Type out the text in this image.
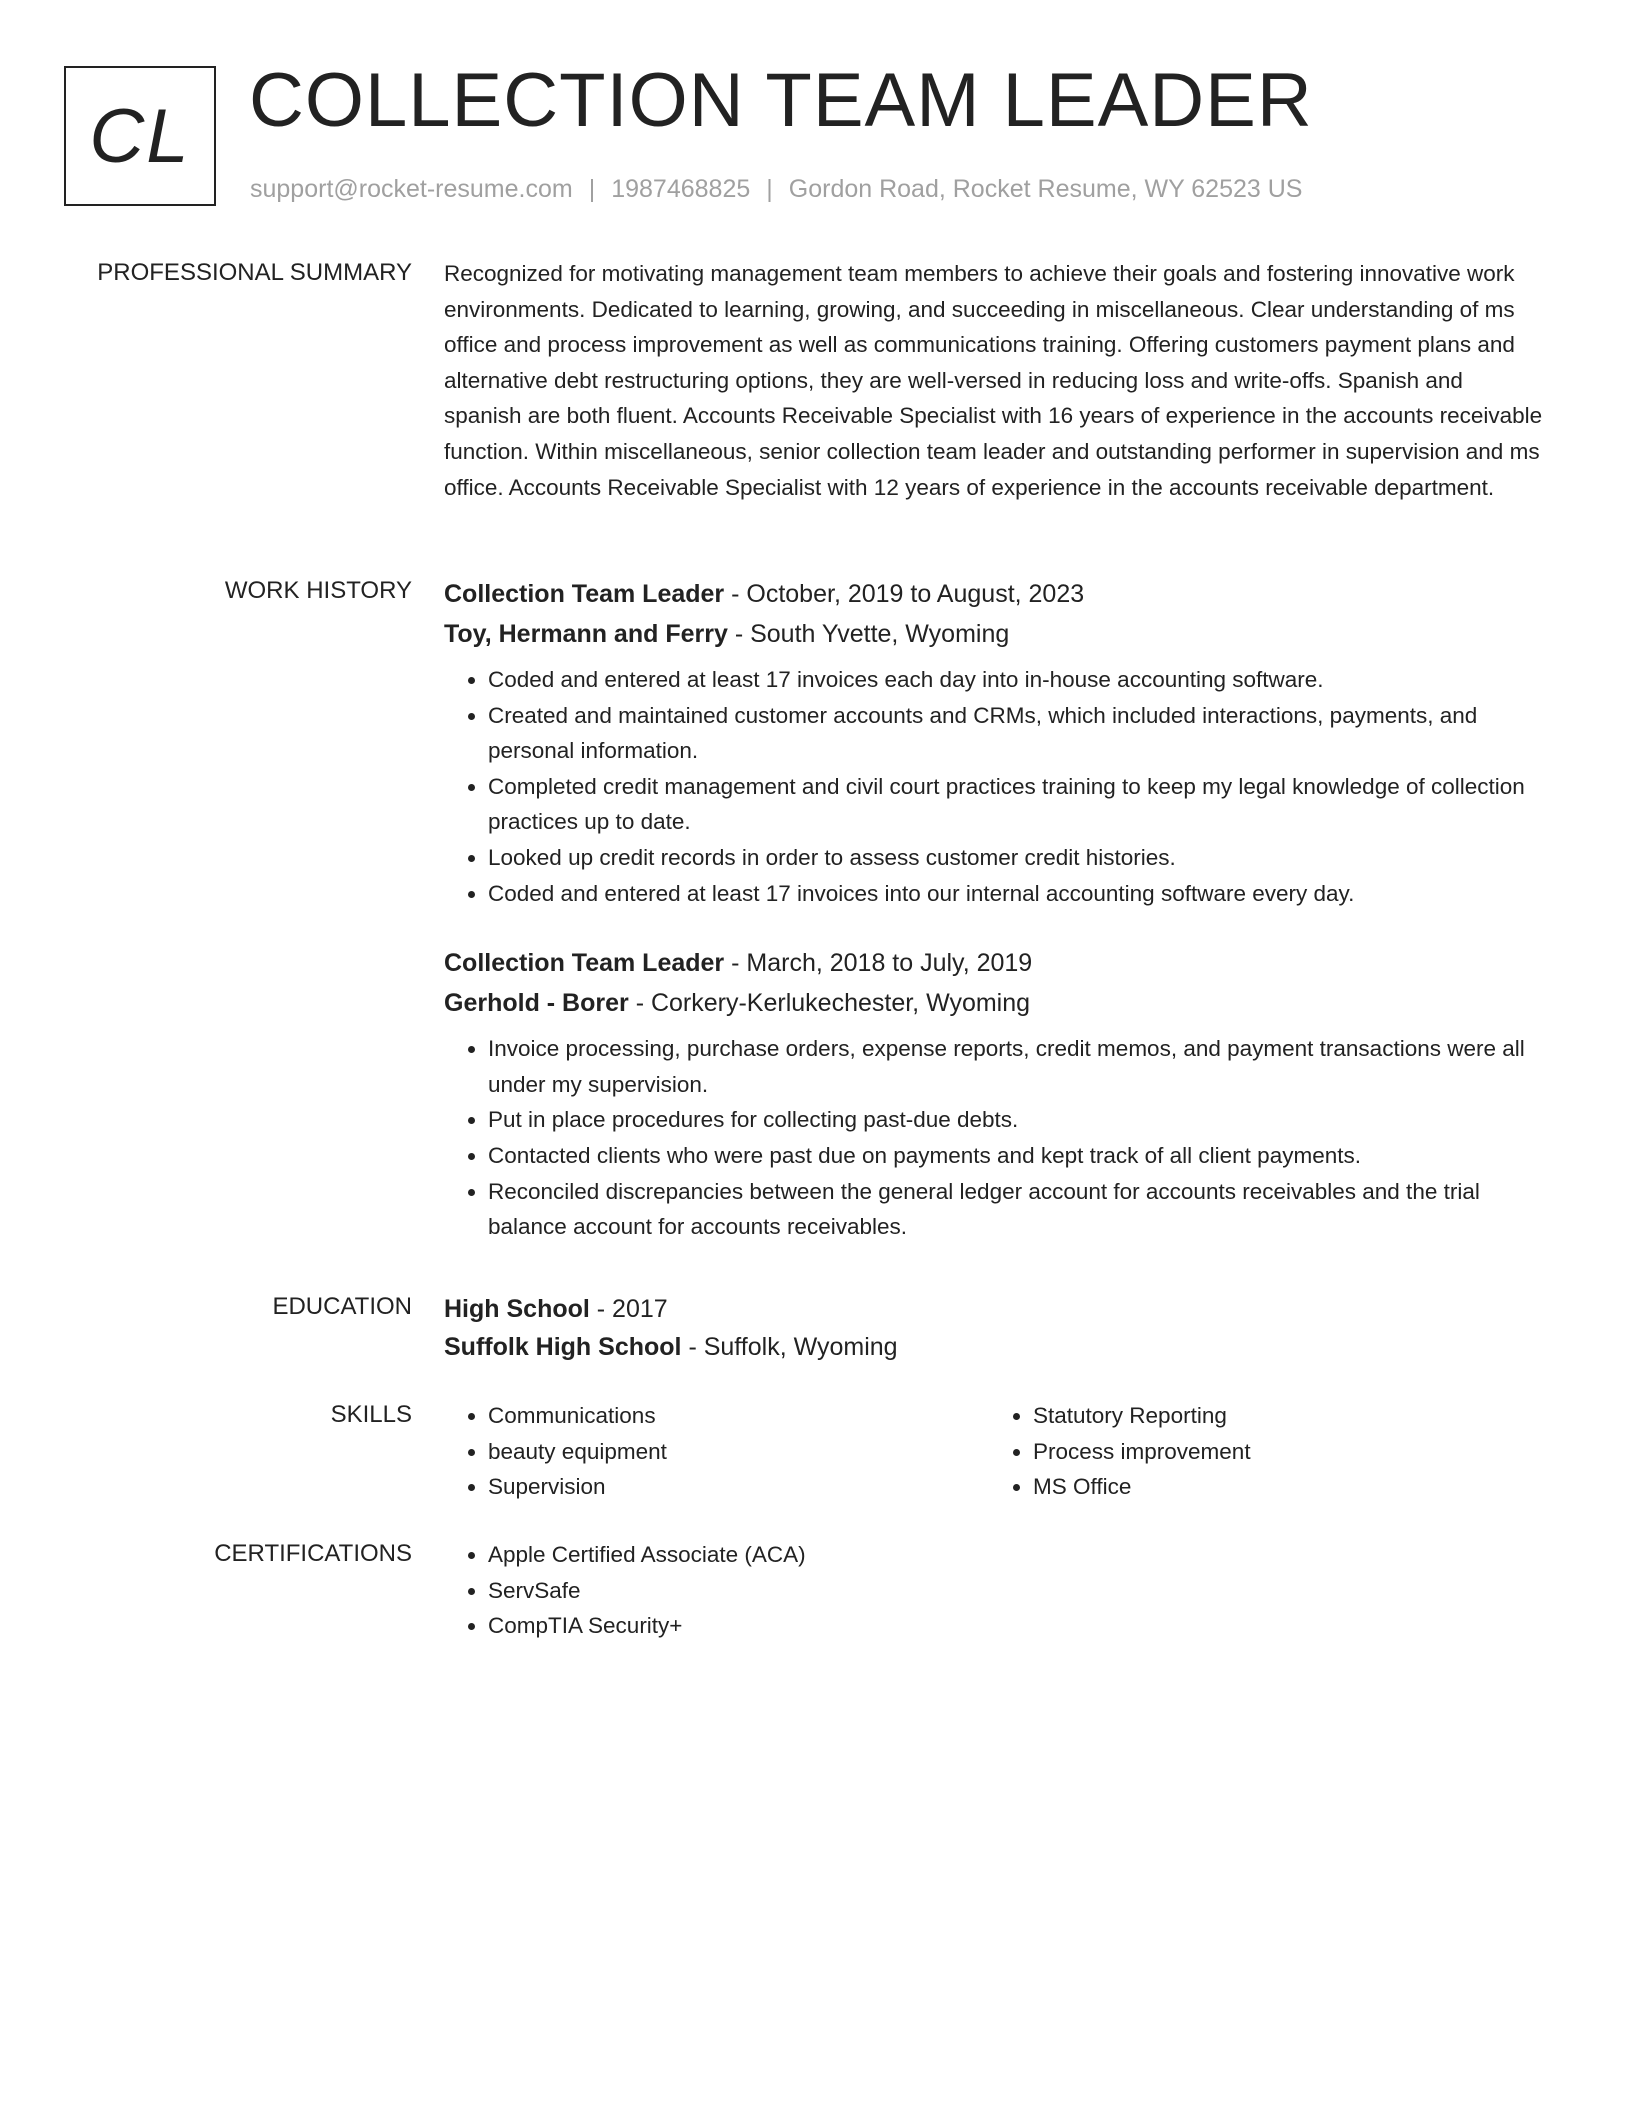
CL COLLECTION TEAM LEADER
support@rocket-resume.com | 1987468825 | Gordon Road, Rocket Resume, WY 62523 US
PROFESSIONAL SUMMARY Recognized for motivating management team members to achieve their goals and fostering innovative work environments. Dedicated to learning, growing, and succeeding in miscellaneous. Clear understanding of ms office and process improvement as well as communications training. Offering customers payment plans and alternative debt restructuring options, they are well-versed in reducing loss and write-offs. Spanish and spanish are both fluent. Accounts Receivable Specialist with 16 years of experience in the accounts receivable function. Within miscellaneous, senior collection team leader and outstanding performer in supervision and ms office. Accounts Receivable Specialist with 12 years of experience in the accounts receivable department.

WORK HISTORY Collection Team Leader - October, 2019 to August, 2023
Toy, Hermann and Ferry - South Yvette, Wyoming
• Coded and entered at least 17 invoices each day into in-house accounting software.
• Created and maintained customer accounts and CRMs, which included interactions, payments, and personal information.
• Completed credit management and civil court practices training to keep my legal knowledge of collection practices up to date.
• Looked up credit records in order to assess customer credit histories.
• Coded and entered at least 17 invoices into our internal accounting software every day.
Collection Team Leader - March, 2018 to July, 2019
Gerhold - Borer - Corkery-Kerlukechester, Wyoming
• Invoice processing, purchase orders, expense reports, credit memos, and payment transactions were all under my supervision.
• Put in place procedures for collecting past-due debts.
• Contacted clients who were past due on payments and kept track of all client payments.
• Reconciled discrepancies between the general ledger account for accounts receivables and the trial balance account for accounts receivables.
EDUCATION High School - 2017
Suffolk High School - Suffolk, Wyoming
SKILLS	• Communications
• beauty equipment
• Supervision
• Statutory Reporting
• Process improvement
• MS Office
CERTIFICATIONS	• Apple Certified Associate (ACA)
• ServSafe
• CompTIA Security+
